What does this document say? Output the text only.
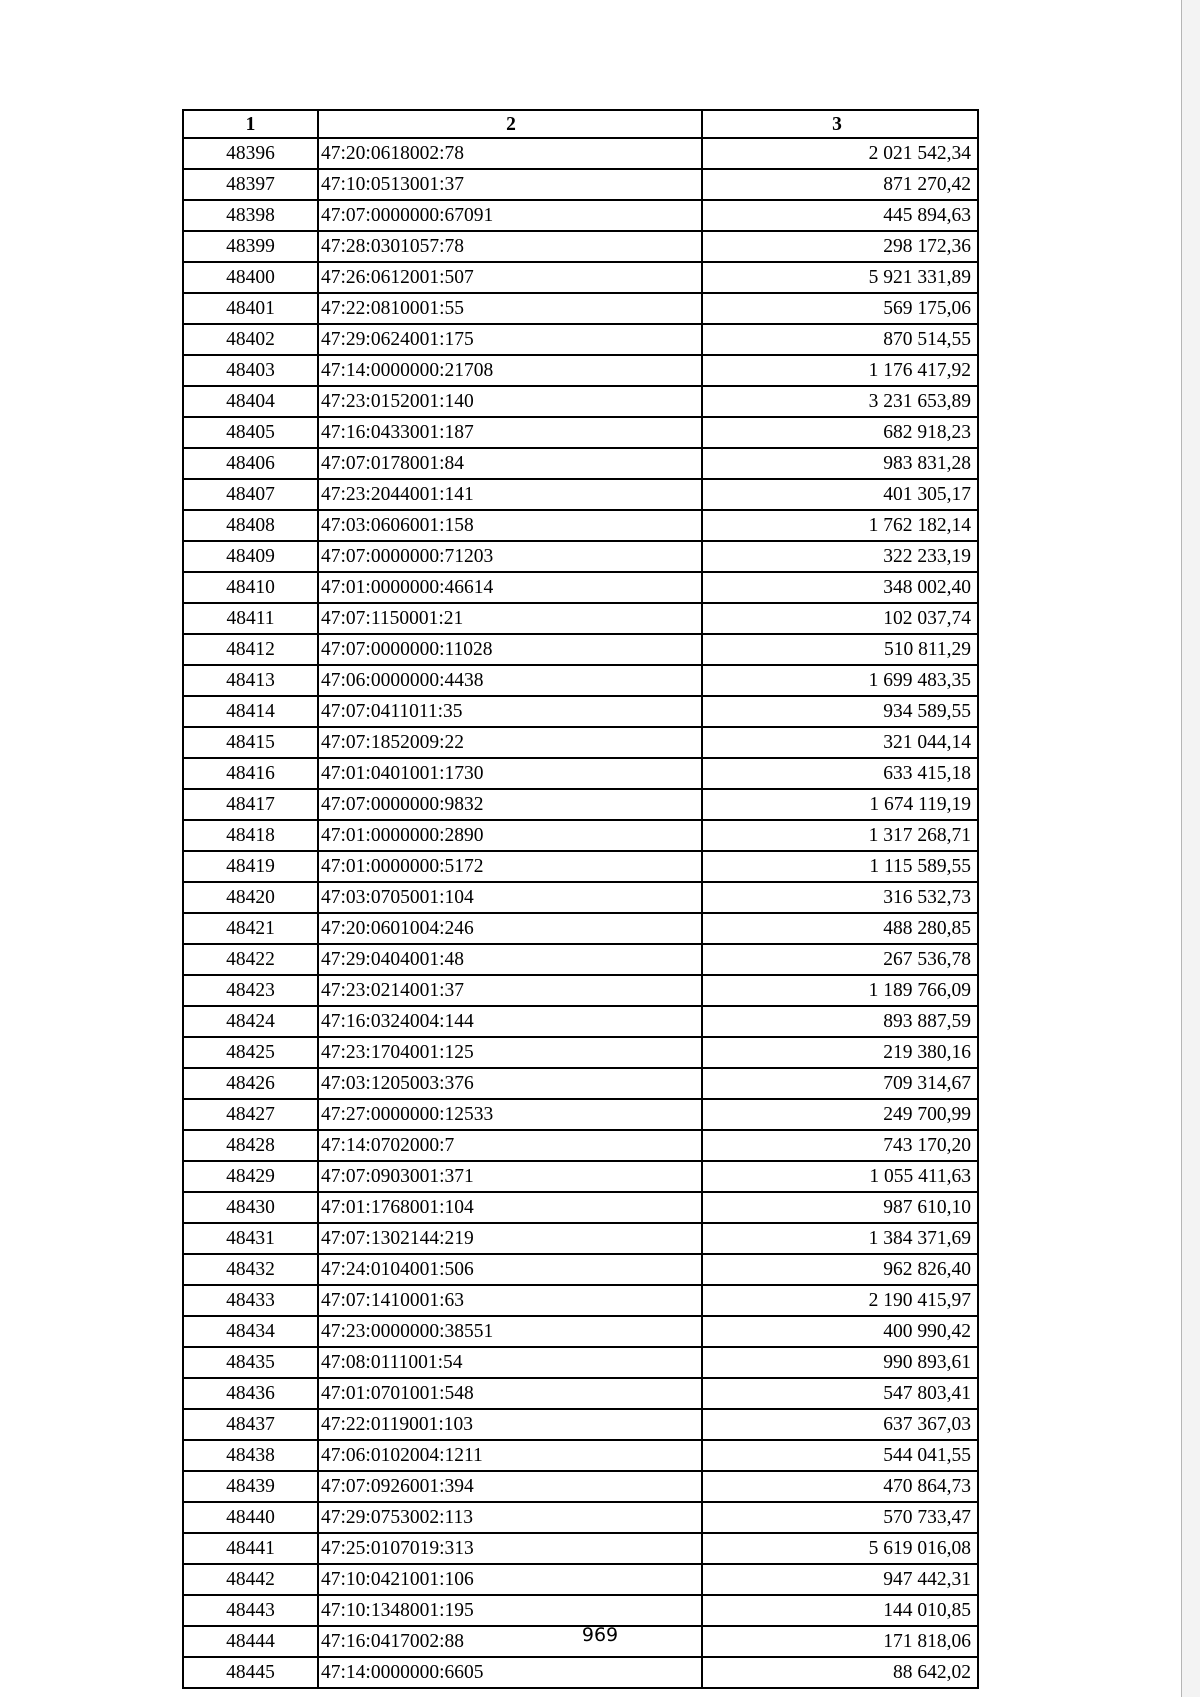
1	2	3
48396	47:20:0618002:78	2 021 542,34
48397	47:10:0513001:37	871 270,42
48398	47:07:0000000:67091	445 894,63
48399	47:28:0301057:78	298 172,36
48400	47:26:0612001:507	5 921 331,89
48401	47:22:0810001:55	569 175,06
48402	47:29:0624001:175	870 514,55
48403	47:14:0000000:21708	1 176 417,92
48404	47:23:0152001:140	3 231 653,89
48405	47:16:0433001:187	682 918,23
48406	47:07:0178001:84	983 831,28
48407	47:23:2044001:141	401 305,17
48408	47:03:0606001:158	1 762 182,14
48409	47:07:0000000:71203	322 233,19
48410	47:01:0000000:46614	348 002,40
48411	47:07:1150001:21	102 037,74
48412	47:07:0000000:11028	510 811,29
48413	47:06:0000000:4438	1 699 483,35
48414	47:07:0411011:35	934 589,55
48415	47:07:1852009:22	321 044,14
48416	47:01:0401001:1730	633 415,18
48417	47:07:0000000:9832	1 674 119,19
48418	47:01:0000000:2890	1 317 268,71
48419	47:01:0000000:5172	1 115 589,55
48420	47:03:0705001:104	316 532,73
48421	47:20:0601004:246	488 280,85
48422	47:29:0404001:48	267 536,78
48423	47:23:0214001:37	1 189 766,09
48424	47:16:0324004:144	893 887,59
48425	47:23:1704001:125	219 380,16
48426	47:03:1205003:376	709 314,67
48427	47:27:0000000:12533	249 700,99
48428	47:14:0702000:7	743 170,20
48429	47:07:0903001:371	1 055 411,63
48430	47:01:1768001:104	987 610,10
48431	47:07:1302144:219	1 384 371,69
48432	47:24:0104001:506	962 826,40
48433	47:07:1410001:63	2 190 415,97
48434	47:23:0000000:38551	400 990,42
48435	47:08:0111001:54	990 893,61
48436	47:01:0701001:548	547 803,41
48437	47:22:0119001:103	637 367,03
48438	47:06:0102004:1211	544 041,55
48439	47:07:0926001:394	470 864,73
48440	47:29:0753002:113	570 733,47
48441	47:25:0107019:313	5 619 016,08
48442	47:10:0421001:106	947 442,31
48443	47:10:1348001:195	144 010,85
48444	47:16:0417002:88	171 818,06
48445	47:14:0000000:6605	88 642,02
969
